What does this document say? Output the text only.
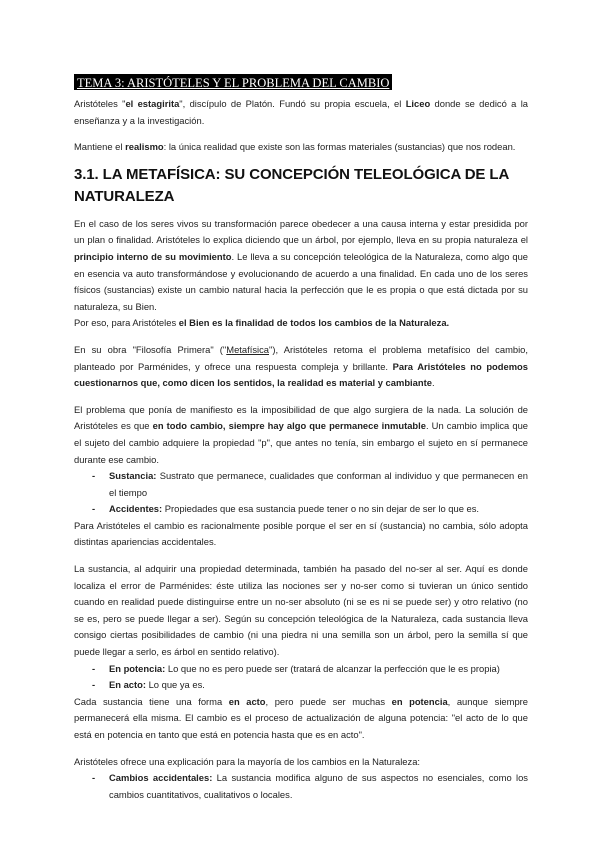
TEMA 3: ARISTÓTELES Y EL PROBLEMA DEL CAMBIO

Aristóteles "el estagirita", discípulo de Platón. Fundó su propia escuela, el Liceo donde se dedicó a la enseñanza y a la investigación.

Mantiene el realismo: la única realidad que existe son las formas materiales (sustancias) que nos rodean.

3.1. LA METAFÍSICA: SU CONCEPCIÓN TELEOLÓGICA DE LA NATURALEZA

En el caso de los seres vivos su transformación parece obedecer a una causa interna y estar presidida por un plan o finalidad. Aristóteles lo explica diciendo que un árbol, por ejemplo, lleva en su propia naturaleza el principio interno de su movimiento. Le lleva a su concepción teleológica de la Naturaleza, como algo que en esencia va auto transformándose y evolucionando de acuerdo a una finalidad. En cada uno de los seres físicos (sustancias) existe un cambio natural hacia la perfección que le es propia o que está dictada por su naturaleza, su Bien.

Por eso, para Aristóteles el Bien es la finalidad de todos los cambios de la Naturaleza.

En su obra "Filosofía Primera" ("Metafísica"), Aristóteles retoma el problema metafísico del cambio, planteado por Parménides, y ofrece una respuesta compleja y brillante. Para Aristóteles no podemos cuestionarnos que, como dicen los sentidos, la realidad es material y cambiante.

El problema que ponía de manifiesto es la imposibilidad de que algo surgiera de la nada. La solución de Aristóteles es que en todo cambio, siempre hay algo que permanece inmutable. Un cambio implica que el sujeto del cambio adquiere la propiedad "p", que antes no tenía, sin embargo el sujeto en sí permanece durante ese cambio.

- Sustancia: Sustrato que permanece, cualidades que conforman al individuo y que permanecen en el tiempo
- Accidentes: Propiedades que esa sustancia puede tener o no sin dejar de ser lo que es.

Para Aristóteles el cambio es racionalmente posible porque el ser en sí (sustancia) no cambia, sólo adopta distintas apariencias accidentales.

La sustancia, al adquirir una propiedad determinada, también ha pasado del no-ser al ser. Aquí es donde localiza el error de Parménides: éste utiliza las nociones ser y no-ser como si tuvieran un único sentido cuando en realidad puede distinguirse entre un no-ser absoluto (ni se es ni se puede ser) y otro relativo (no se es, pero se puede llegar a ser). Según su concepción teleológica de la Naturaleza, cada sustancia lleva consigo ciertas posibilidades de cambio (ni una piedra ni una semilla son un árbol, pero la semilla sí que puede llegar a serlo, es árbol en sentido relativo).

- En potencia: Lo que no es pero puede ser (tratará de alcanzar la perfección que le es propia)
- En acto: Lo que ya es.

Cada sustancia tiene una forma en acto, pero puede ser muchas en potencia, aunque siempre permanecerá ella misma. El cambio es el proceso de actualización de alguna potencia: "el acto de lo que está en potencia en tanto que está en potencia hasta que es en acto".

Aristóteles ofrece una explicación para la mayoría de los cambios en la Naturaleza:

- Cambios accidentales: La sustancia modifica alguno de sus aspectos no esenciales, como los cambios cuantitativos, cualitativos o locales.
